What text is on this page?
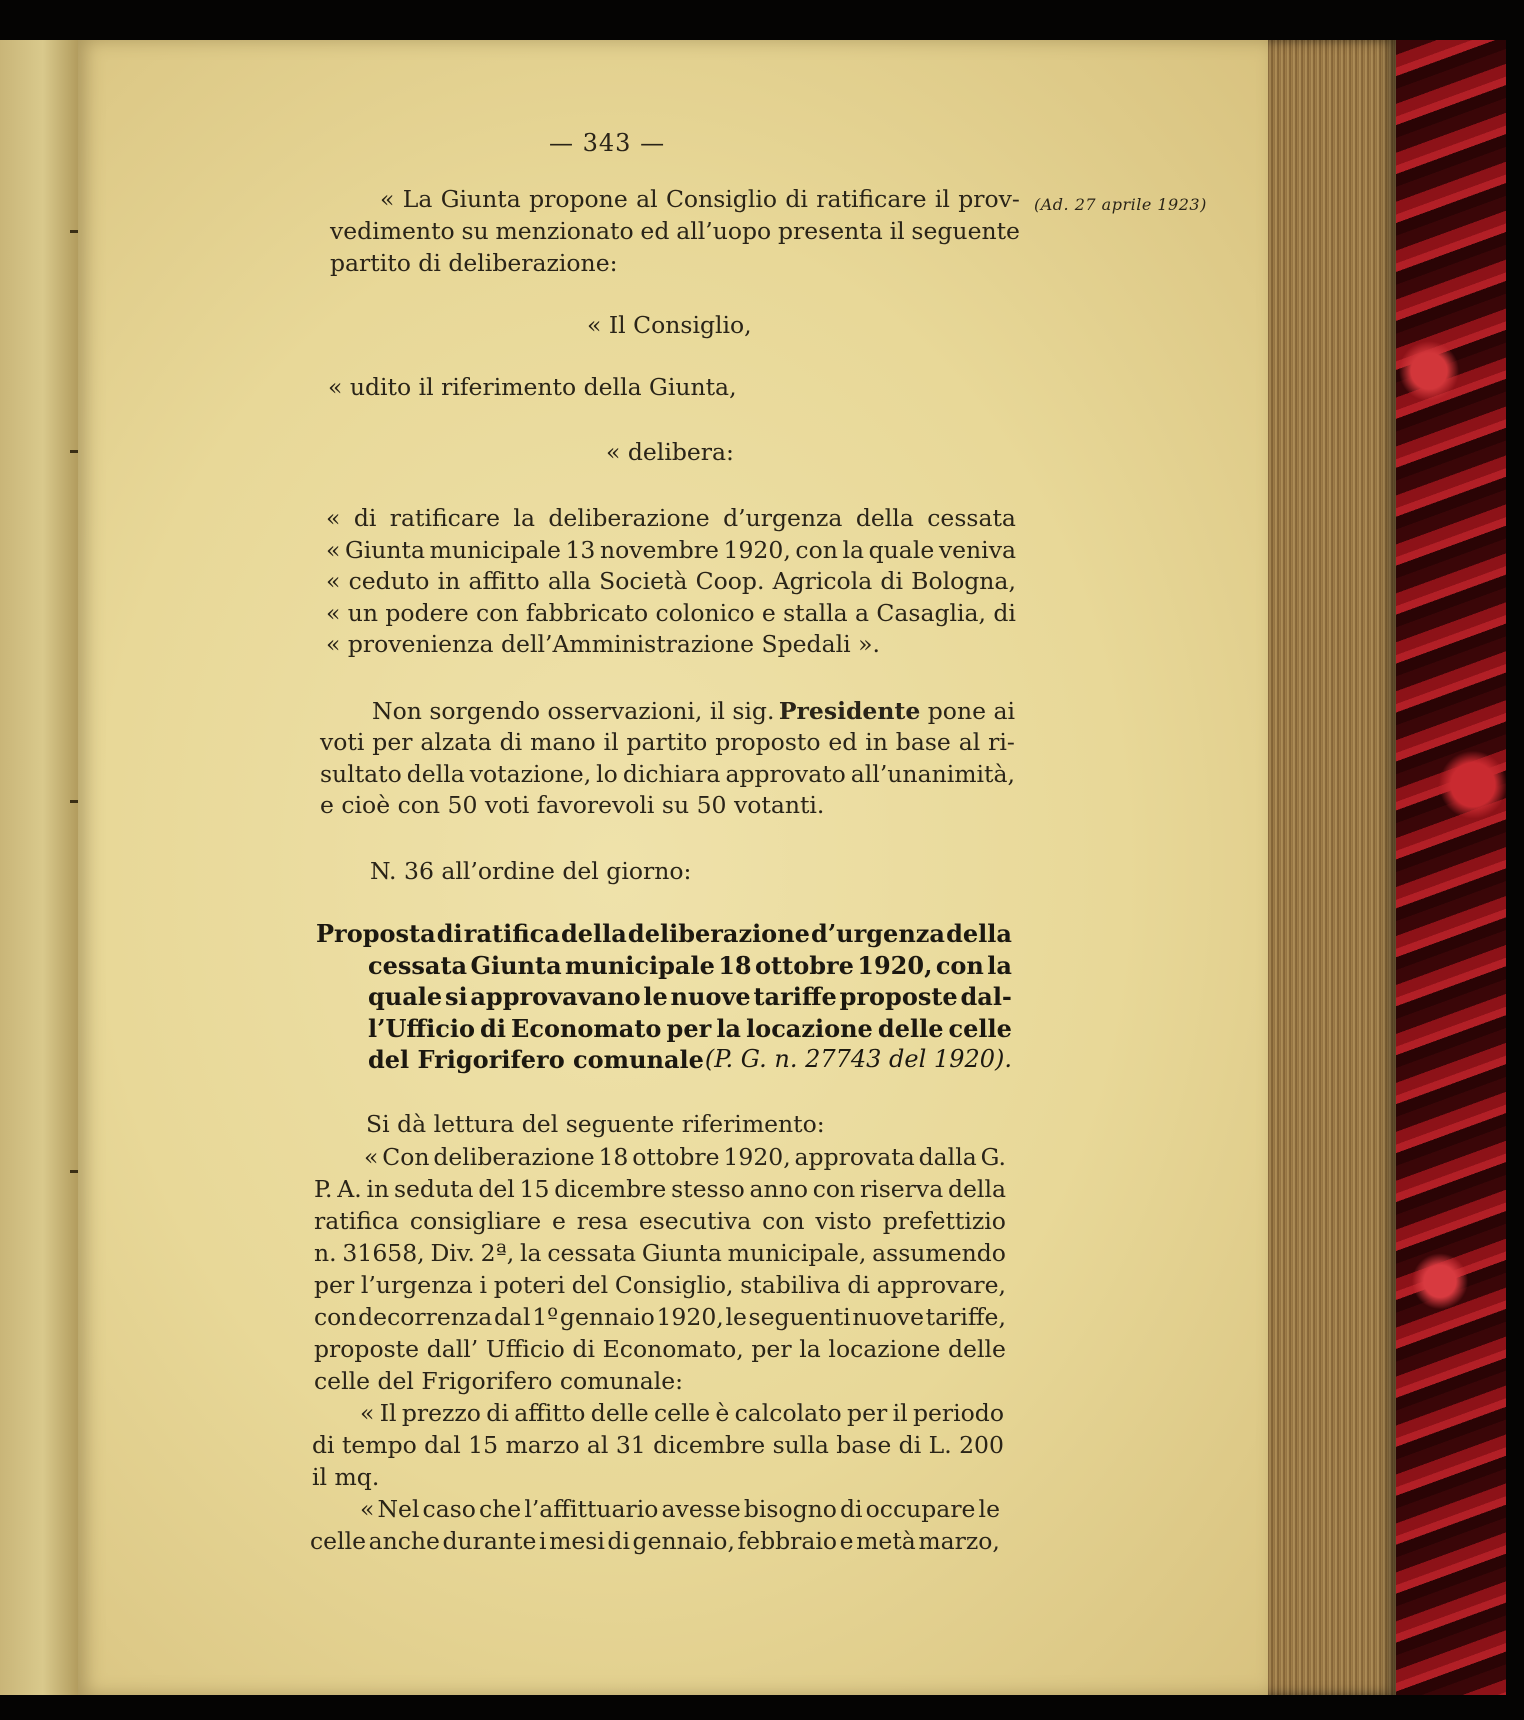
— 343 —

(Ad. 27 aprile 1923)

« La Giunta propone al Consiglio di ratificare il prov-

vedimento su menzionato ed all’uopo presenta il seguente

partito di deliberazione:

« Il Consiglio,

« udito il riferimento della Giunta,

« delibera:

« di ratificare la deliberazione d’urgenza della cessata

« Giunta municipale 13 novembre 1920, con la quale veniva

« ceduto in affitto alla Società Coop. Agricola di Bologna,

« un podere con fabbricato colonico e stalla a Casaglia, di

« provenienza dell’Amministrazione Spedali ».

Non sorgendo osservazioni, il sig. Presidente pone ai

voti per alzata di mano il partito proposto ed in base al ri-

sultato della votazione, lo dichiara approvato all’unanimità,

e cioè con 50 voti favorevoli su 50 votanti.

N. 36 all’ordine del giorno:

Proposta di ratifica della deliberazione d’urgenza della
cessata Giunta municipale 18 ottobre 1920, con la
quale si approvavano le nuove tariffe proposte dal-
l’Ufficio di Economato per la locazione delle celle
del Frigorifero comunale (P. G. n. 27743 del 1920).

Si dà lettura del seguente riferimento:

« Con deliberazione 18 ottobre 1920, approvata dalla G.

P. A. in seduta del 15 dicembre stesso anno con riserva della

ratifica consigliare e resa esecutiva con visto prefettizio

n. 31658, Div. 2ª, la cessata Giunta municipale, assumendo

per l’urgenza i poteri del Consiglio, stabiliva di approvare,

con decorrenza dal 1º gennaio 1920, le seguenti nuove tariffe,

proposte dall’ Ufficio di Economato, per la locazione delle

celle del Frigorifero comunale:

« Il prezzo di affitto delle celle è calcolato per il periodo

di tempo dal 15 marzo al 31 dicembre sulla base di L. 200

il mq.

« Nel caso che l’affittuario avesse bisogno di occupare le

celle anche durante i mesi di gennaio, febbraio e metà marzo,
